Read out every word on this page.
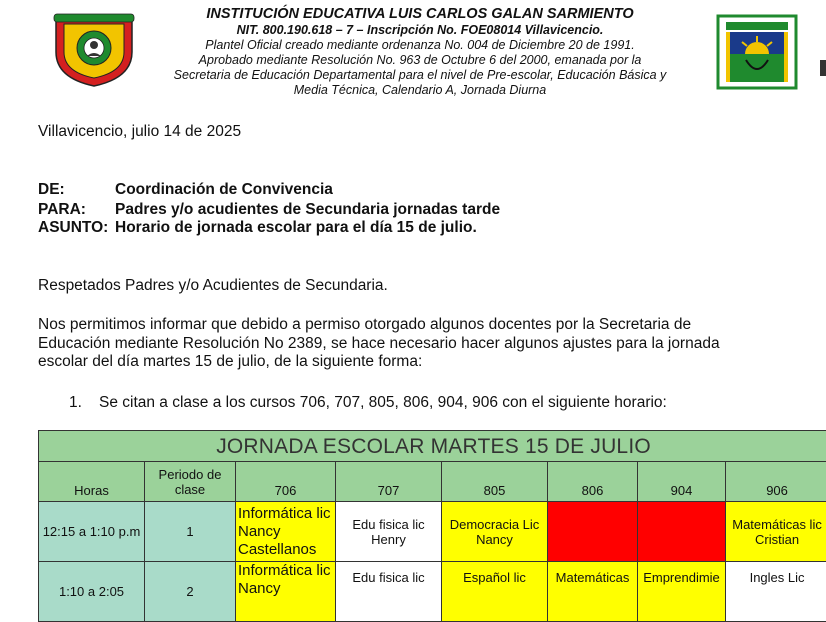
INSTITUCIÓN EDUCATIVA LUIS CARLOS GALAN SARMIENTO
NIT. 800.190.618 – 7 – Inscripción No. FOE08014 Villavicencio.
Plantel Oficial creado mediante ordenanza No. 004 de Diciembre 20 de 1991.
Aprobado mediante Resolución No. 963 de Octubre 6 del 2000, emanada por la
Secretaria de Educación Departamental para el nivel de Pre-escolar, Educación Básica y
Media Técnica, Calendario A, Jornada Diurna
Villavicencio, julio 14 de 2025
DE:	Coordinación de Convivencia
PARA: Padres y/o acudientes de Secundaria jornadas tarde
ASUNTO: Horario de jornada escolar para el día 15 de julio.
Respetados Padres y/o Acudientes de Secundaria.
Nos permitimos informar que debido a permiso otorgado algunos docentes por la Secretaria de
Educación mediante Resolución No 2389, se hace necesario hacer algunos ajustes para la jornada
escolar del día martes 15 de julio, de la siguiente forma:
1. Se citan a clase a los cursos 706, 707, 805, 806, 904, 906 con el siguiente horario:
JORNADA ESCOLAR MARTES 15 DE JULIO							
Horas	Periodo de clase	706	707	805	806	904	906
12:15 a 1:10 p.m	1	Informática lic Nancy Castellanos	Edu fisica lic Henry	Democracia Lic Nancy			Matemáticas lic Cristian
1:10 a 2:05	2	Informática lic Nancy	Edu fisica lic	Español lic	Matemáticas	Emprendimie	Ingles Lic
